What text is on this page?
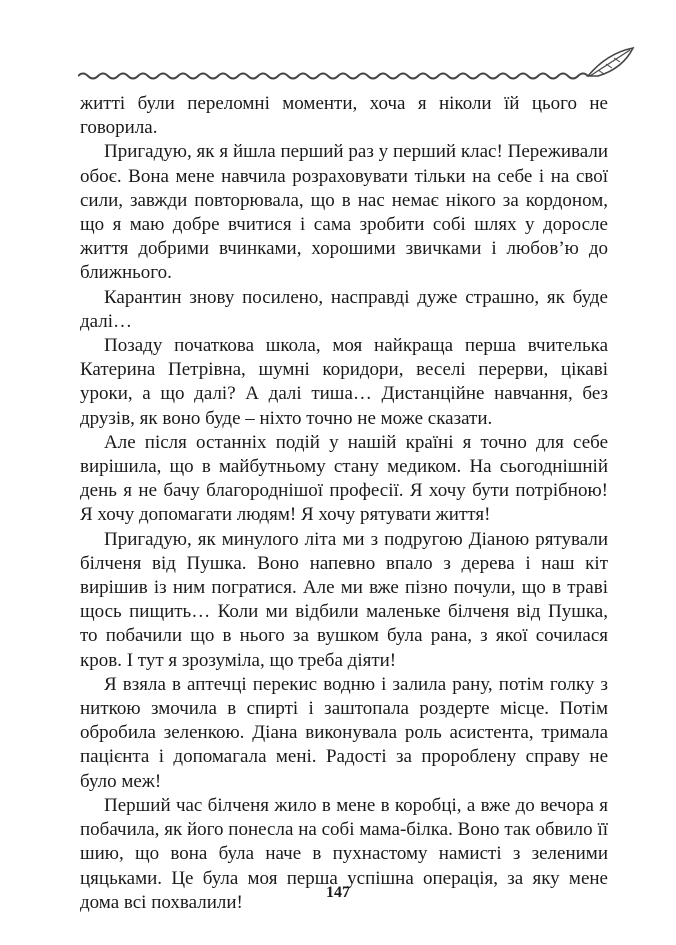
житті були переломні моменти, хоча я ніколи їй цього не говорила.

Пригадую, як я йшла перший раз у перший клас! Переживали обоє. Вона мене навчила розраховувати тільки на себе і на свої сили, завжди повторювала, що в нас немає нікого за кордоном, що я маю добре вчитися і сама зробити собі шлях у доросле життя добрими вчинками, хорошими звичками і любов’ю до ближнього.

Карантин знову посилено, насправді дуже страшно, як буде далі…

Позаду початкова школа, моя найкраща перша вчителька Катерина Петрівна, шумні коридори, веселі перерви, цікаві уроки, а що далі? А далі тиша… Дистанційне навчання, без друзів, як воно буде – ніхто точно не може сказати.

Але після останніх подій у нашій країні я точно для себе вирішила, що в майбутньому стану медиком. На сьогоднішній день я не бачу благороднішої професії. Я хочу бути потрібною! Я хочу допомагати людям! Я хочу рятувати життя!

Пригадую, як минулого літа ми з подругою Діаною рятували білченя від Пушка. Воно напевно впало з дерева і наш кіт вирішив із ним погратися. Але ми вже пізно почули, що в траві щось пищить… Коли ми відбили маленьке білченя від Пушка, то побачили що в нього за вушком була рана, з якої сочилася кров. І тут я зрозуміла, що треба діяти!

Я взяла в аптечці перекис водню і залила рану, потім голку з ниткою змочила в спирті і заштопала роздерте місце. Потім обробила зеленкою. Діана виконувала роль асистента, тримала пацієнта і допомагала мені. Радості за пророблену справу не було меж!

Перший час білченя жило в мене в коробці, а вже до вечора я побачила, як його понесла на собі мама-білка. Воно так обвило її шию, що вона була наче в пухнастому намисті з зеленими цяцьками. Це була моя перша успішна операція, за яку мене дома всі похвалили!	147
